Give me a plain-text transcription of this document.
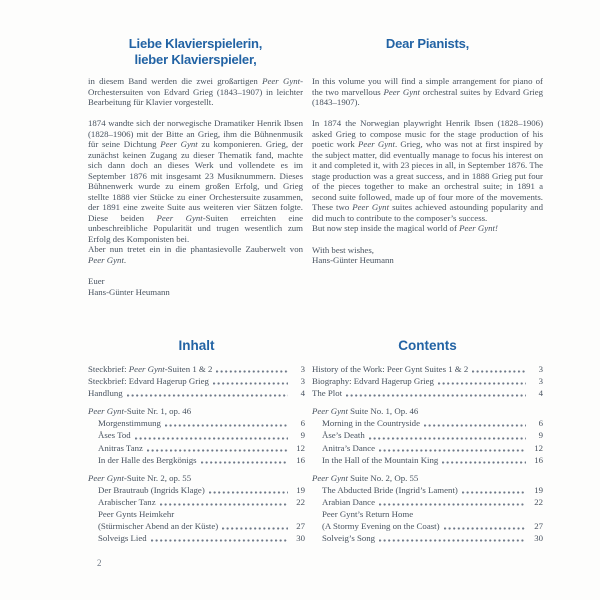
Liebe Klavierspielerin,
lieber Klavierspieler,

in diesem Band werden die zwei großartigen Peer Gynt-Orchestersuiten von Edvard Grieg (1843–1907) in leichter Bearbeitung für Klavier vorgestellt.

1874 wandte sich der norwegische Dramatiker Henrik Ibsen (1828–1906) mit der Bitte an Grieg, ihm die Bühnenmusik für seine Dichtung Peer Gynt zu komponieren. Grieg, der zunächst keinen Zugang zu dieser Thematik fand, machte sich dann doch an dieses Werk und vollendete es im September 1876 mit insgesamt 23 Musiknummern. Dieses Bühnenwerk wurde zu einem großen Erfolg, und Grieg stellte 1888 vier Stücke zu einer Orchestersuite zusammen, der 1891 eine zweite Suite aus weiteren vier Sätzen folgte. Diese beiden Peer Gynt-Suiten erreichten eine unbeschreibliche Popularität und trugen wesentlich zum Erfolg des Komponisten bei.
Aber nun tretet ein in die phantasievolle Zauberwelt von Peer Gynt.

Euer
Hans-Günter Heumann
Dear Pianists,

In this volume you will find a simple arrangement for piano of the two marvellous Peer Gynt orchestral suites by Edvard Grieg (1843–1907).

In 1874 the Norwegian playwright Henrik Ibsen (1828–1906) asked Grieg to compose music for the stage production of his poetic work Peer Gynt. Grieg, who was not at first inspired by the subject matter, did eventually manage to focus his interest on it and completed it, with 23 pieces in all, in September 1876. The stage production was a great success, and in 1888 Grieg put four of the pieces together to make an orchestral suite; in 1891 a second suite followed, made up of four more of the movements. These two Peer Gynt suites achieved astounding popularity and did much to contribute to the composer’s success.
But now step inside the magical world of Peer Gynt!

With best wishes,
Hans-Günter Heumann
Inhalt
Steckbrief: Peer Gynt-Suiten 1 & 2	3
Steckbrief: Edvard Hagerup Grieg	3
Handlung	4
Peer Gynt-Suite Nr. 1, op. 46
Morgenstimmung	6
Åses Tod	9
Anitras Tanz	12
In der Halle des Bergkönigs	16
Peer Gynt-Suite Nr. 2, op. 55
Der Brautraub (Ingrids Klage)	19
Arabischer Tanz	22
Peer Gynts Heimkehr
(Stürmischer Abend an der Küste)	27
Solveigs Lied	30
Contents
History of the Work: Peer Gynt Suites 1 & 2	3
Biography: Edvard Hagerup Grieg	3
The Plot	4
Peer Gynt Suite No. 1, Op. 46
Morning in the Countryside	6
Åse’s Death	9
Anitra’s Dance	12
In the Hall of the Mountain King	16
Peer Gynt Suite No. 2, Op. 55
The Abducted Bride (Ingrid’s Lament)	19
Arabian Dance	22
Peer Gynt’s Return Home
(A Stormy Evening on the Coast)	27
Solveig’s Song	30
2
